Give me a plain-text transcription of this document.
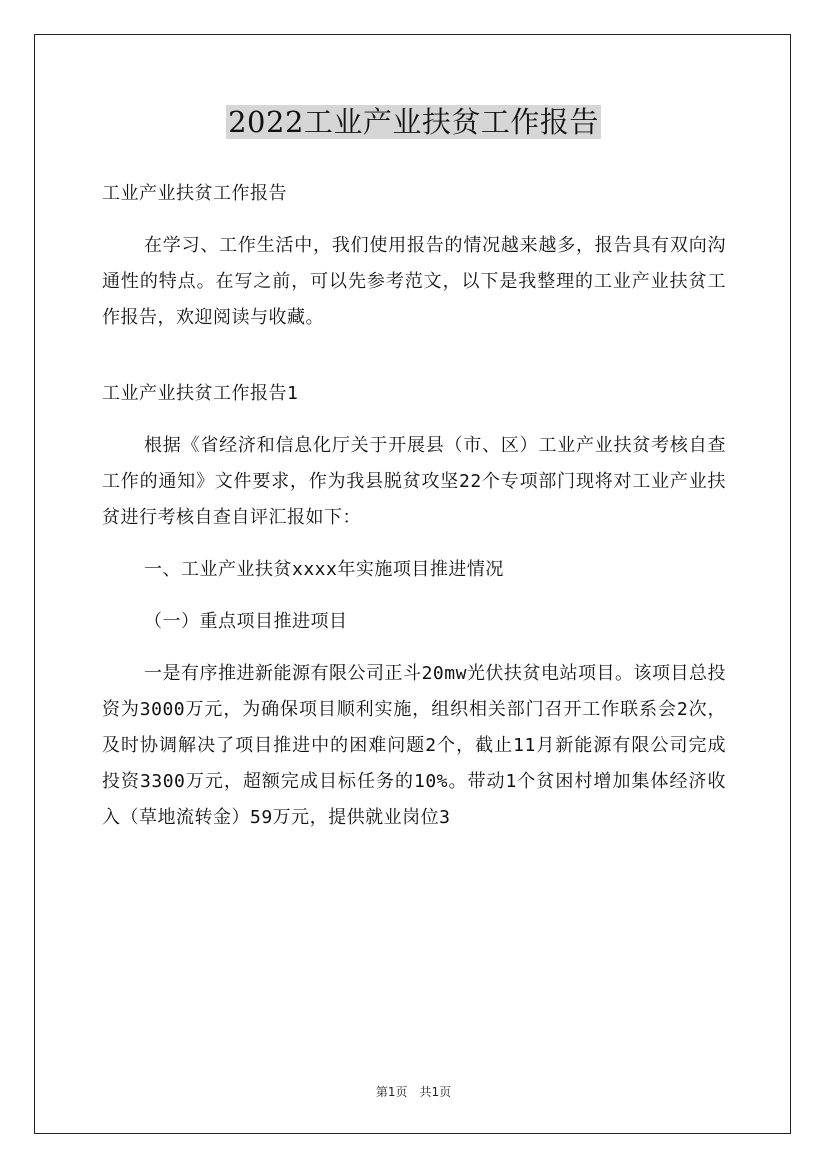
2022工业产业扶贫工作报告

工业产业扶贫工作报告

在学习、工作生活中，我们使用报告的情况越来越多，报告具有双向沟通性的特点。在写之前，可以先参考范文，以下是我整理的工业产业扶贫工作报告，欢迎阅读与收藏。

工业产业扶贫工作报告1

根据《省经济和信息化厅关于开展县（市、区）工业产业扶贫考核自查工作的通知》文件要求，作为我县脱贫攻坚22个专项部门现将对工业产业扶贫进行考核自查自评汇报如下：

一、工业产业扶贫xxxx年实施项目推进情况

（一）重点项目推进项目

一是有序推进新能源有限公司正斗20mw光伏扶贫电站项目。该项目总投资为3000万元，为确保项目顺利实施，组织相关部门召开工作联系会2次，及时协调解决了项目推进中的困难问题2个，截止11月新能源有限公司完成投资3300万元，超额完成目标任务的10%。带动1个贫困村增加集体经济收入（草地流转金）59万元，提供就业岗位3

第1页　共1页
